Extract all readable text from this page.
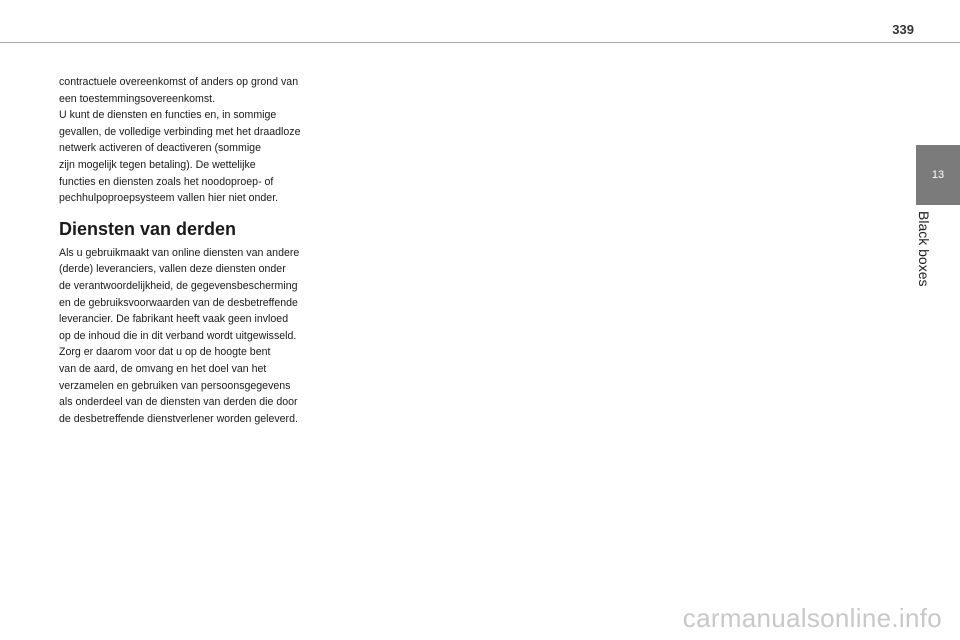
339
13
Black boxes

contractuele overeenkomst of anders op grond van
een toestemmingsovereenkomst.
U kunt de diensten en functies en, in sommige
gevallen, de volledige verbinding met het draadloze
netwerk activeren of deactiveren (sommige
zijn mogelijk tegen betaling). De wettelijke
functies en diensten zoals het noodoproep- of
pechhulpoproepsysteem vallen hier niet onder.

Diensten van derden

Als u gebruikmaakt van online diensten van andere
(derde) leveranciers, vallen deze diensten onder
de verantwoordelijkheid, de gegevensbescherming
en de gebruiksvoorwaarden van de desbetreffende
leverancier. De fabrikant heeft vaak geen invloed
op de inhoud die in dit verband wordt uitgewisseld.
Zorg er daarom voor dat u op de hoogte bent
van de aard, de omvang en het doel van het
verzamelen en gebruiken van persoonsgegevens
als onderdeel van de diensten van derden die door
de desbetreffende dienstverlener worden geleverd.

carmanualsonline.info
